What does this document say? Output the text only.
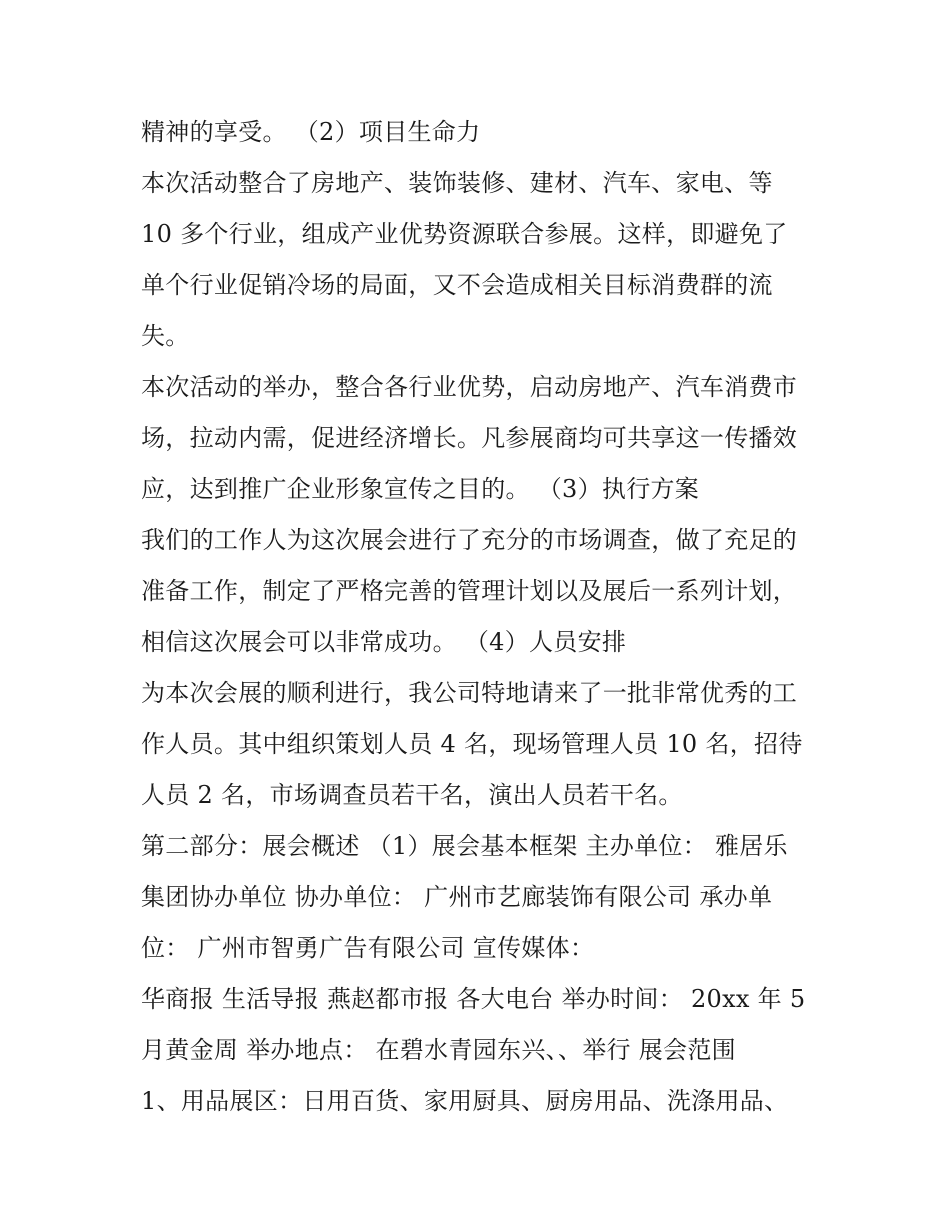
精神的享受。 （2）项目生命力
本次活动整合了房地产、装饰装修、建材、汽车、家电、等
10 多个行业，组成产业优势资源联合参展。这样，即避免了
单个行业促销冷场的局面，又不会造成相关目标消费群的流
失。
本次活动的举办，整合各行业优势，启动房地产、汽车消费市
场，拉动内需，促进经济增长。凡参展商均可共享这一传播效
应，达到推广企业形象宣传之目的。 （3）执行方案
我们的工作人为这次展会进行了充分的市场调查，做了充足的
准备工作，制定了严格完善的管理计划以及展后一系列计划，
相信这次展会可以非常成功。 （4）人员安排
为本次会展的顺利进行，我公司特地请来了一批非常优秀的工
作人员。其中组织策划人员 4 名，现场管理人员 10 名，招待
人员 2 名，市场调查员若干名，演出人员若干名。
第二部分：展会概述 （1）展会基本框架 主办单位： 雅居乐
集团协办单位 协办单位： 广州市艺廊装饰有限公司 承办单
位： 广州市智勇广告有限公司 宣传媒体：
华商报 生活导报 燕赵都市报 各大电台 举办时间： 20xx 年 5
月黄金周 举办地点： 在碧水青园东兴、、举行 展会范围
1、用品展区：日用百货、家用厨具、厨房用品、洗涤用品、
